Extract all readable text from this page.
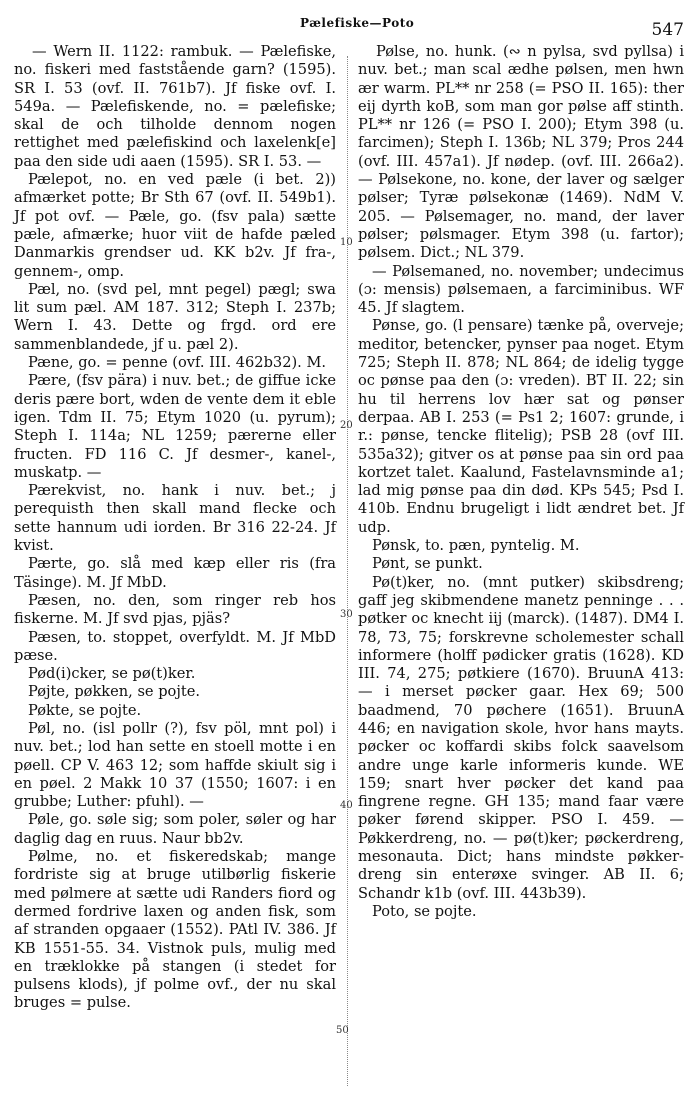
Pælefiske—Poto	547
10
20
30
40
50

— Wern II. 1122: rambuk. — Pælefiske, no. fiskeri med faststående garn? (1595). SR I. 53 (ovf. II. 761b7). Jf fiske ovf. I. 549a. — Pælefiskende, no. = pælefiske; skal de och tilholde dennom nogen rettighet med pælefiskind och laxelenk[e] paa den side udi aaen (1595). SR I. 53. —

Pælepot, no. en ved pæle (i bet. 2)) afmærket potte; Br Sth 67 (ovf. II. 549b1). Jf pot ovf. — Pæle, go. (fsv pala) sætte pæle, afmærke; huor viit de hafde pæled Danmarkis grendser ud. KK b2v. Jf fra-, gennem-, omp.

Pæl, no. (svd pel, mnt pegel) pægl; swa lit sum pæl. AM 187. 312; Steph I. 237b; Wern I. 43. Dette og frgd. ord ere sammenblandede, jf u. pæl 2).

Pæne, go. = penne (ovf. III. 462b32). M.

Pære, (fsv pära) i nuv. bet.; de giffue icke deris pære bort, wden de vente dem it eble igen. Tdm II. 75; Etym 1020 (u. pyrum); Steph I. 114a; NL 1259; pærerne eller fructen. FD 116 C. Jf desmer-, kanel-, muskatp. —

Pærekvist, no. hank i nuv. bet.; j perequisth then skall mand flecke och sette hannum udi iorden. Br 316 22-24. Jf kvist.

Pærte, go. slå med kæp eller ris (fra Täsinge). M. Jf MbD.

Pæsen, no. den, som ringer reb hos fiskerne. M. Jf svd pjas, pjäs?

Pæsen, to. stoppet, overfyldt. M. Jf MbD pæse.

Pød(i)cker, se pø(t)ker.

Pøjte, pøkken, se pojte.

Pøkte, se pojte.

Pøl, no. (isl pollr (?), fsv pöl, mnt pol) i nuv. bet.; lod han sette en stoell motte i en pøell. CP V. 463 12; som haffde skiult sig i en pøel. 2 Makk 10 37 (1550; 1607: i en grubbe; Luther: pfuhl). —

Pøle, go. søle sig; som poler, søler og har daglig dag en ruus. Naur bb2v.

Pølme, no. et fiskeredskab; mange fordriste sig at bruge utilbørlig fiskerie med pølmere at sætte udi Randers fiord og dermed fordrive laxen og anden fisk, som af stranden opgaaer (1552). PAtl IV. 386. Jf KB 1551-55. 34. Vistnok puls, mulig med en træklokke på stangen (i stedet for pulsens klods), jf polme ovf., der nu skal bruges = pulse.

Pølse, no. hunk. (∾ n pylsa, svd pyllsa) i nuv. bet.; man scal ædhe pølsen, men hwn ær warm. PL** nr 258 (= PSO II. 165): ther eij dyrth koB, som man gor pølse aff stinth. PL** nr 126 (= PSO I. 200); Etym 398 (u. farcimen); Steph I. 136b; NL 379; Pros 244 (ovf. III. 457a1). Jf nødep. (ovf. III. 266a2). — Pølsekone, no. kone, der laver og sælger pølser; Tyræ pølsekonæ (1469). NdM V. 205. — Pølsemager, no. mand, der laver pølser; pølsmager. Etym 398 (u. fartor); pølsem. Dict.; NL 379.

— Pølsemaned, no. november; undecimus (ɔ: mensis) pølsemaen, a farciminibus. WF 45. Jf slagtem.

Pønse, go. (l pensare) tænke på, overveje; meditor, betencker, pynser paa noget. Etym 725; Steph II. 878; NL 864; de idelig tygge oc pønse paa den (ɔ: vreden). BT II. 22; sin hu til herrens lov hær sat og pønser derpaa. AB I. 253 (= Ps1 2; 1607: grunde, i r.: pønse, tencke flitelig); PSB 28 (ovf III. 535a32); gitver os at pønse paa sin ord paa kortzet talet. Kaalund, Fastelavnsminde a1; lad mig pønse paa din død. KPs 545; Psd I. 410b. Endnu brugeligt i lidt ændret bet. Jf udp.

Pønsk, to. pæn, pyntelig. M.

Pønt, se punkt.

Pø(t)ker, no. (mnt putker) skibsdreng; gaff jeg skibmendene manetz penninge . . . pøtker oc knecht iij (marck). (1487). DM4 I. 78, 73, 75; forskrevne scholemester schall informere (holff pødicker gratis (1628). KD III. 74, 275; pøtkiere (1670). BruunA 413: — i merset pøcker gaar. Hex 69; 500 baadmend, 70 pøchere (1651). BruunA 446; en navigation skole, hvor hans mayts. pøcker oc koffardi skibs folck saavelsom andre unge karle informeris kunde. WE 159; snart hver pøcker det kand paa fingrene regne. GH 135; mand faar være pøker førend skipper. PSO I. 459. — Pøkkerdreng, no. — pø(t)ker; pøckerdreng, mesonauta. Dict; hans mindste pøkker-dreng sin enterøxe svinger. AB II. 6; Schandr k1b (ovf. III. 443b39).

Poto, se pojte.
